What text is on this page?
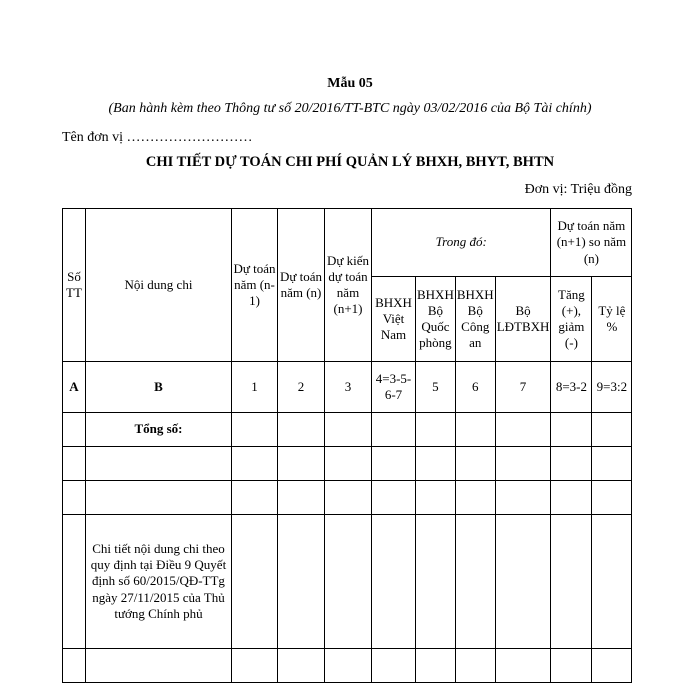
Mẫu 05
(Ban hành kèm theo Thông tư số 20/2016/TT-BTC ngày 03/02/2016 của Bộ Tài chính)
Tên đơn vị ………………………
CHI TIẾT DỰ TOÁN CHI PHÍ QUẢN LÝ BHXH, BHYT, BHTN
Đơn vị: Triệu đồng
Số TT	Nội dung chi	Dự toán năm (n-1)	Dự toán năm (n)	Dự kiến dự toán năm (n+1)	Trong đó:				Dự toán năm (n+1) so năm (n)	
					BHXH Việt Nam	BHXH Bộ Quốc phòng	BHXH Bộ Công an	Bộ LĐTBXH	Tăng (+), giảm (-)	Tỷ lệ %
A	B	1	2	3	4=3-5-6-7	5	6	7	8=3-2	9=3:2
	Tổng số:									

	Chi tiết nội dung chi theo quy định tại Điều 9 Quyết định số 60/2015/QĐ-TTg ngày 27/11/2015 của Thủ tướng Chính phủ									
